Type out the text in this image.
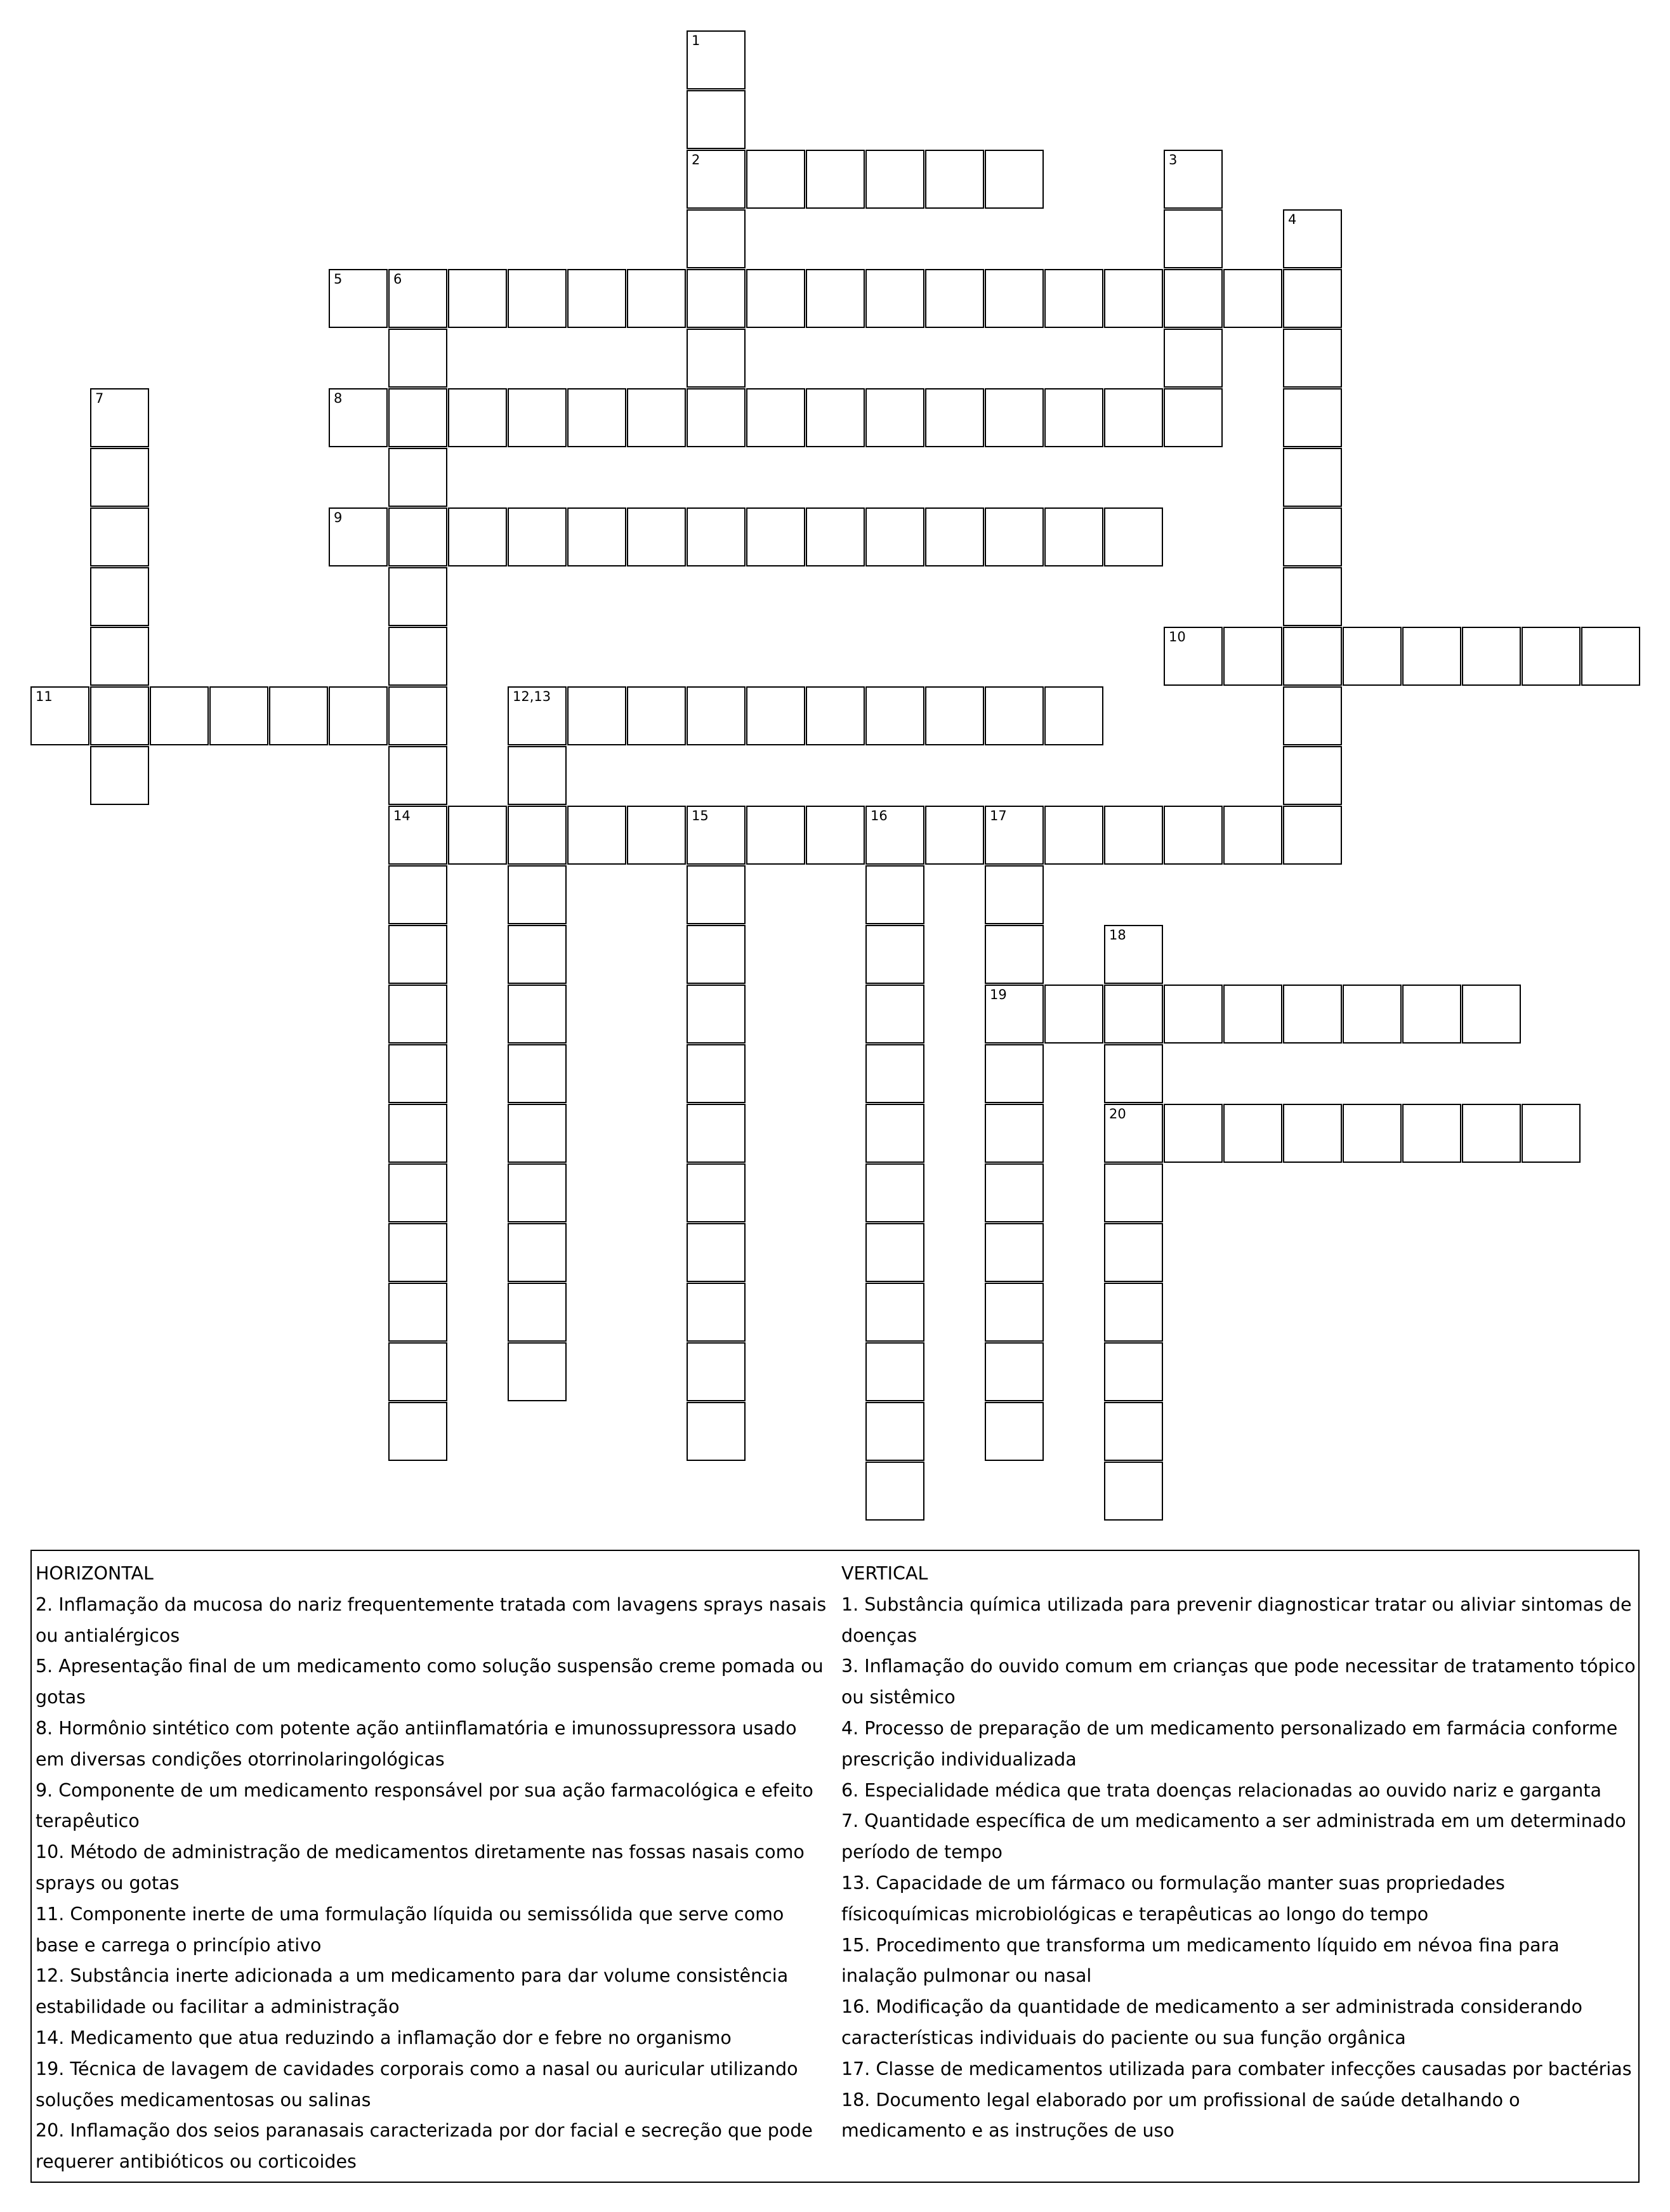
1
2	3
4
5	6
14
7	8
9
10
11	12,13
15	16	17
19
18
20

HORIZONTAL

2. Inflamação da mucosa do nariz frequentemente tratada com lavagens sprays nasais ou antialérgicos

5. Apresentação final de um medicamento como solução suspensão creme pomada ou gotas

8. Hormônio sintético com potente ação antiinflamatória e imunossupressora usado em diversas condições otorrinolaringológicas

9. Componente de um medicamento responsável por sua ação farmacológica e efeito terapêutico

10. Método de administração de medicamentos diretamente nas fossas nasais como sprays ou gotas

11. Componente inerte de uma formulação líquida ou semissólida que serve como base e carrega o princípio ativo

12. Substância inerte adicionada a um medicamento para dar volume consistência estabilidade ou facilitar a administração

14. Medicamento que atua reduzindo a inflamação dor e febre no organismo

19. Técnica de lavagem de cavidades corporais como a nasal ou auricular utilizando soluções medicamentosas ou salinas

20. Inflamação dos seios paranasais caracterizada por dor facial e secreção que pode requerer antibióticos ou corticoides

VERTICAL

1. Substância química utilizada para prevenir diagnosticar tratar ou aliviar sintomas de doenças

3. Inflamação do ouvido comum em crianças que pode necessitar de tratamento tópico ou sistêmico

4. Processo de preparação de um medicamento personalizado em farmácia conforme prescrição individualizada

6. Especialidade médica que trata doenças relacionadas ao ouvido nariz e garganta

7. Quantidade específica de um medicamento a ser administrada em um determinado período de tempo

13. Capacidade de um fármaco ou formulação manter suas propriedades físicoquímicas microbiológicas e terapêuticas ao longo do tempo

15. Procedimento que transforma um medicamento líquido em névoa fina para inalação pulmonar ou nasal

16. Modificação da quantidade de medicamento a ser administrada considerando características individuais do paciente ou sua função orgânica

17. Classe de medicamentos utilizada para combater infecções causadas por bactérias

18. Documento legal elaborado por um profissional de saúde detalhando o medicamento e as instruções de uso
